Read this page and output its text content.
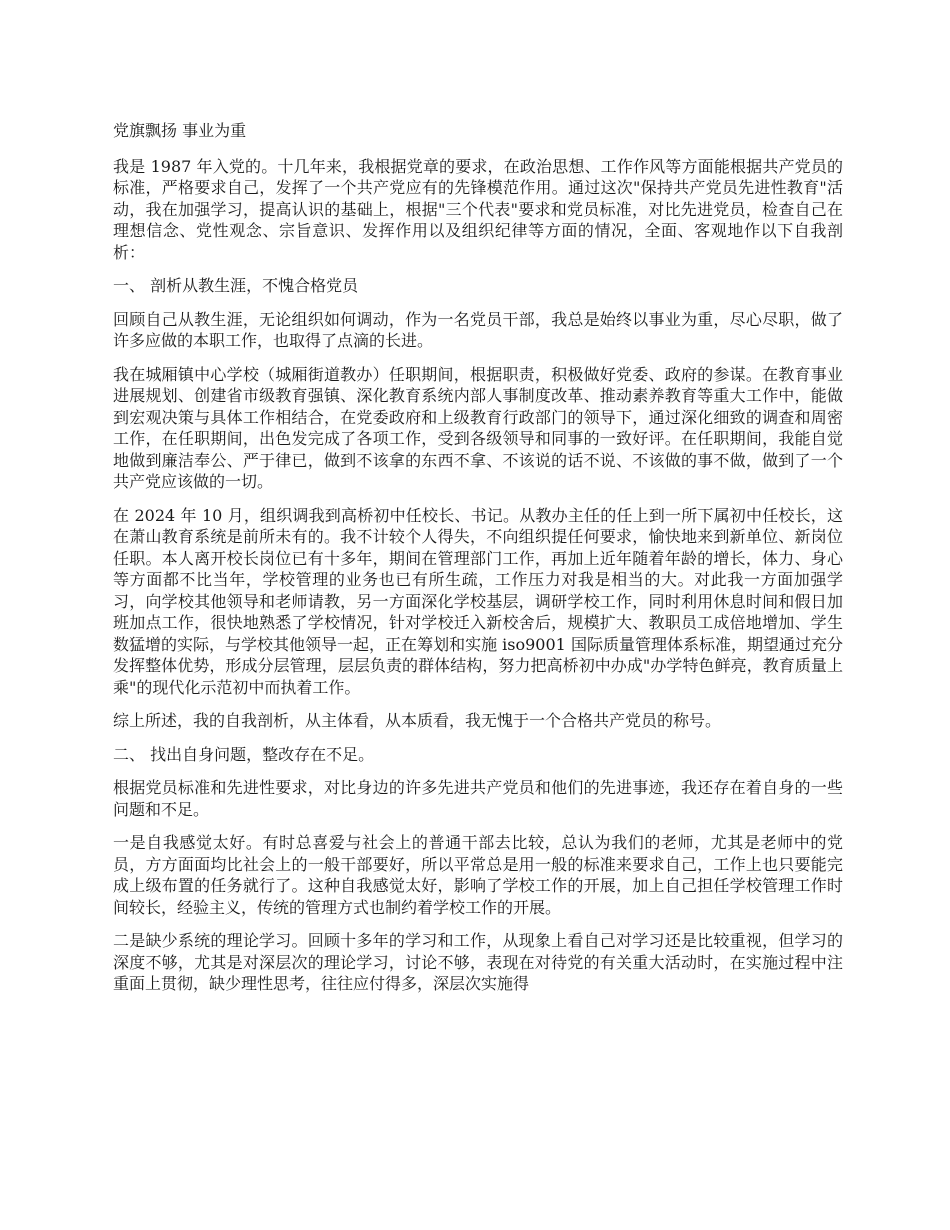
党旗飘扬 事业为重

我是 1987 年入党的。十几年来，我根据党章的要求，在政治思想、工作作风等方面能根据共产党员的标准，严格要求自己，发挥了一个共产党应有的先锋模范作用。通过这次"保持共产党员先进性教育"活动，我在加强学习，提高认识的基础上，根据"三个代表"要求和党员标准，对比先进党员，检查自己在理想信念、党性观念、宗旨意识、发挥作用以及组织纪律等方面的情况，全面、客观地作以下自我剖析：

一、 剖析从教生涯，不愧合格党员

回顾自己从教生涯，无论组织如何调动，作为一名党员干部，我总是始终以事业为重，尽心尽职，做了许多应做的本职工作，也取得了点滴的长进。

我在城厢镇中心学校（城厢街道教办）任职期间，根据职责，积极做好党委、政府的参谋。在教育事业进展规划、创建省市级教育强镇、深化教育系统内部人事制度改革、推动素养教育等重大工作中，能做到宏观决策与具体工作相结合，在党委政府和上级教育行政部门的领导下，通过深化细致的调查和周密工作，在任职期间，出色发完成了各项工作，受到各级领导和同事的一致好评。在任职期间，我能自觉地做到廉洁奉公、严于律已，做到不该拿的东西不拿、不该说的话不说、不该做的事不做，做到了一个共产党应该做的一切。

在 2024 年 10 月，组织调我到高桥初中任校长、书记。从教办主任的任上到一所下属初中任校长，这在萧山教育系统是前所未有的。我不计较个人得失，不向组织提任何要求，愉快地来到新单位、新岗位任职。本人离开校长岗位已有十多年，期间在管理部门工作，再加上近年随着年龄的增长，体力、身心等方面都不比当年，学校管理的业务也已有所生疏，工作压力对我是相当的大。对此我一方面加强学习，向学校其他领导和老师请教，另一方面深化学校基层，调研学校工作，同时利用休息时间和假日加班加点工作，很快地熟悉了学校情况，针对学校迁入新校舍后，规模扩大、教职员工成倍地增加、学生数猛增的实际，与学校其他领导一起，正在筹划和实施 iso9001 国际质量管理体系标准，期望通过充分发挥整体优势，形成分层管理，层层负责的群体结构，努力把高桥初中办成"办学特色鲜亮，教育质量上乘"的现代化示范初中而执着工作。

综上所述，我的自我剖析，从主体看，从本质看，我无愧于一个合格共产党员的称号。

二、 找出自身问题，整改存在不足。

根据党员标准和先进性要求，对比身边的许多先进共产党员和他们的先进事迹，我还存在着自身的一些问题和不足。

一是自我感觉太好。有时总喜爱与社会上的普通干部去比较，总认为我们的老师，尤其是老师中的党员，方方面面均比社会上的一般干部要好，所以平常总是用一般的标准来要求自己，工作上也只要能完成上级布置的任务就行了。这种自我感觉太好，影响了学校工作的开展，加上自己担任学校管理工作时间较长，经验主义，传统的管理方式也制约着学校工作的开展。

二是缺少系统的理论学习。回顾十多年的学习和工作，从现象上看自己对学习还是比较重视，但学习的深度不够，尤其是对深层次的理论学习，讨论不够，表现在对待党的有关重大活动时，在实施过程中注重面上贯彻，缺少理性思考，往往应付得多，深层次实施得
